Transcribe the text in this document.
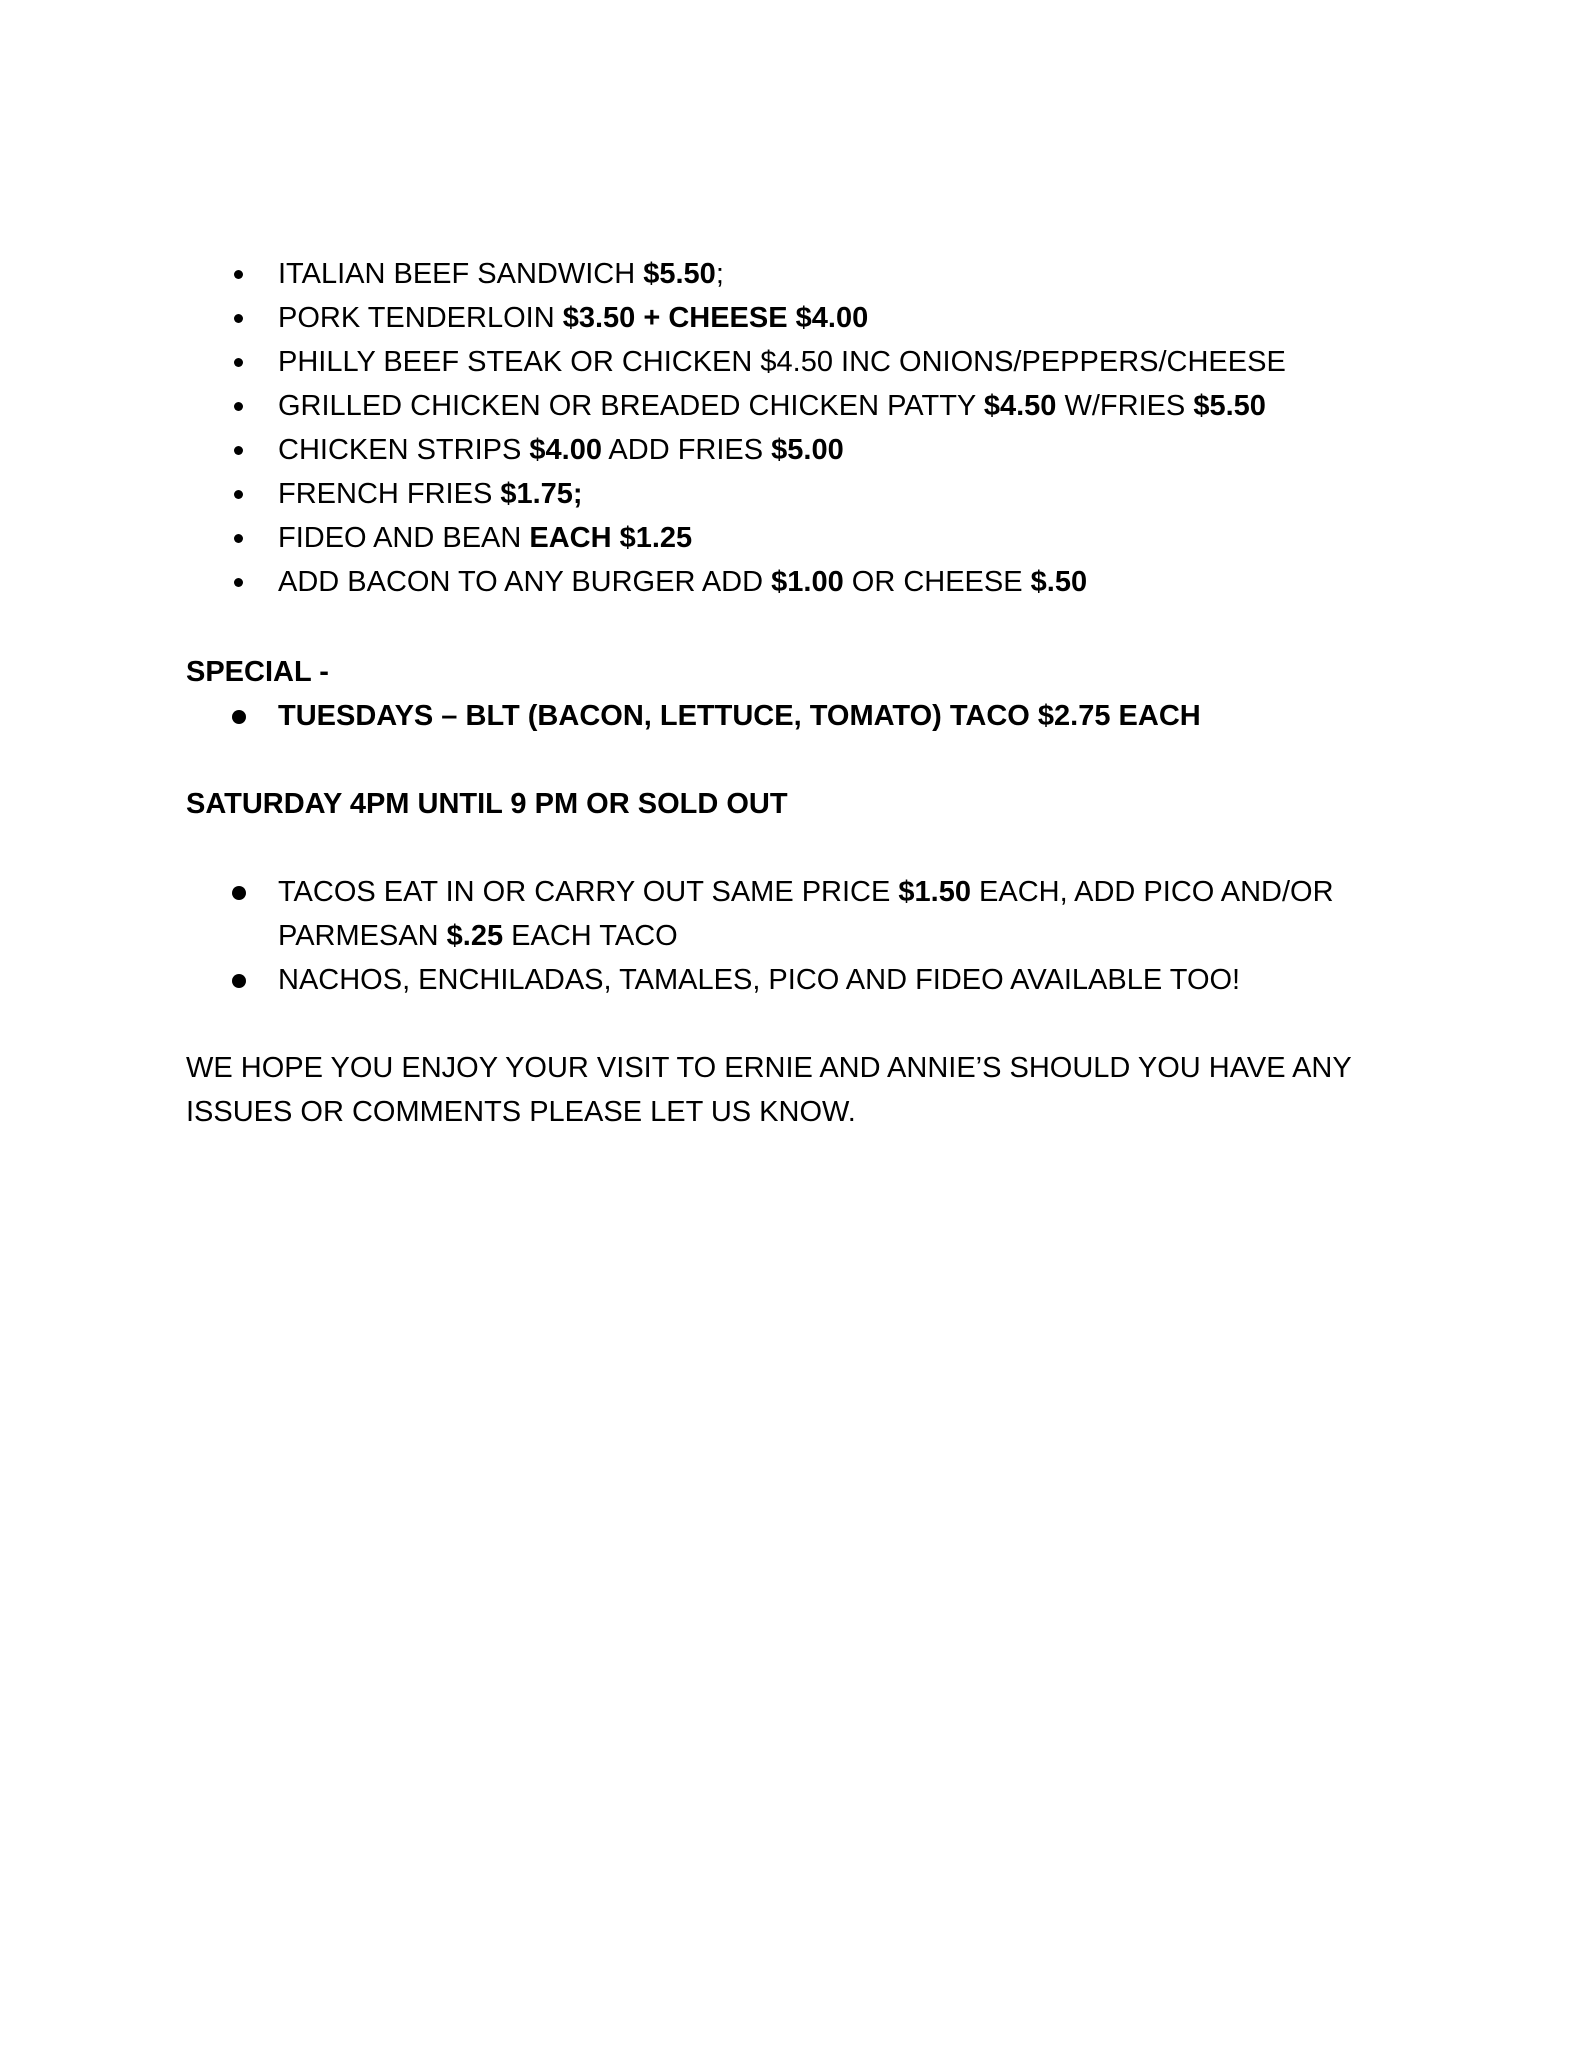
ITALIAN BEEF SANDWICH $5.50;
PORK TENDERLOIN $3.50 + CHEESE $4.00
PHILLY BEEF STEAK OR CHICKEN $4.50 INC ONIONS/PEPPERS/CHEESE
GRILLED CHICKEN OR BREADED CHICKEN PATTY $4.50 W/FRIES $5.50
CHICKEN STRIPS $4.00 ADD FRIES $5.00
FRENCH FRIES $1.75;
FIDEO AND BEAN EACH $1.25
ADD BACON TO ANY BURGER ADD $1.00 OR CHEESE $.50
SPECIAL -
TUESDAYS – BLT (BACON, LETTUCE, TOMATO) TACO $2.75 EACH
SATURDAY 4PM UNTIL 9 PM OR SOLD OUT
TACOS EAT IN OR CARRY OUT SAME PRICE $1.50 EACH, ADD PICO AND/OR
PARMESAN $.25 EACH TACO
NACHOS, ENCHILADAS, TAMALES, PICO AND FIDEO AVAILABLE TOO!
WE HOPE YOU ENJOY YOUR VISIT TO ERNIE AND ANNIE’S SHOULD YOU HAVE ANY
ISSUES OR COMMENTS PLEASE LET US KNOW.
